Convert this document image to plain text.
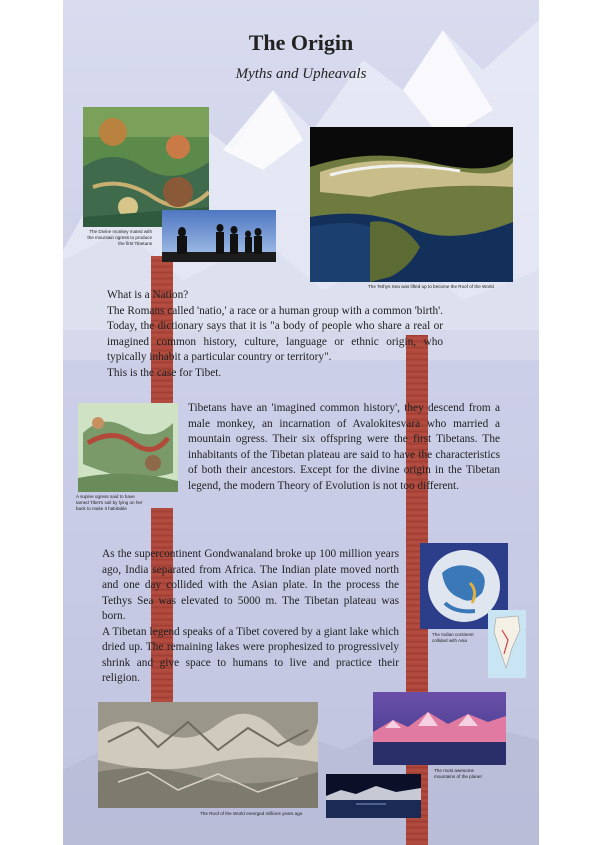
The Origin
Myths and Upheavals
The Divine monkey mated with the mountain ogress to produce the first Tibetans
The Tethys Sea was lifted up to become the Roof of the World

What is a Nation?

The Romans called 'natio,' a race or a human group with a common 'birth'. Today, the dictionary says that it is "a body of people who share a real or imagined common history, culture, language or ethnic origin, who typically inhabit a particular country or territory".

This is the case for Tibet.

A supine ogress said to have tamed Tibet's soil by lying on her back to make it habitable
Tibetans have an 'imagined common history', they descend from a male monkey, an incarnation of Avalokitesvara who married a mountain ogress. Their six offspring were the first Tibetans. The inhabitants of the Tibetan plateau are said to have the characteristics of both their ancestors. Except for the divine origin in the Tibetan legend, the modern Theory of Evolution is not too different.

As the supercontinent Gondwanaland broke up 100 million years ago, India separated from Africa. The Indian plate moved north and one day collided with the Asian plate. In the process the Tethys Sea was elevated to 5000 m. The Tibetan plateau was born.

A Tibetan legend speaks of a Tibet covered by a giant lake which dried up. The remaining lakes were prophesized to progressively shrink and give space to humans to live and practice their religion.

The Indian continent collided with Asia
The most awesome mountains of the planet
The Roof of the World emerged millions years ago
